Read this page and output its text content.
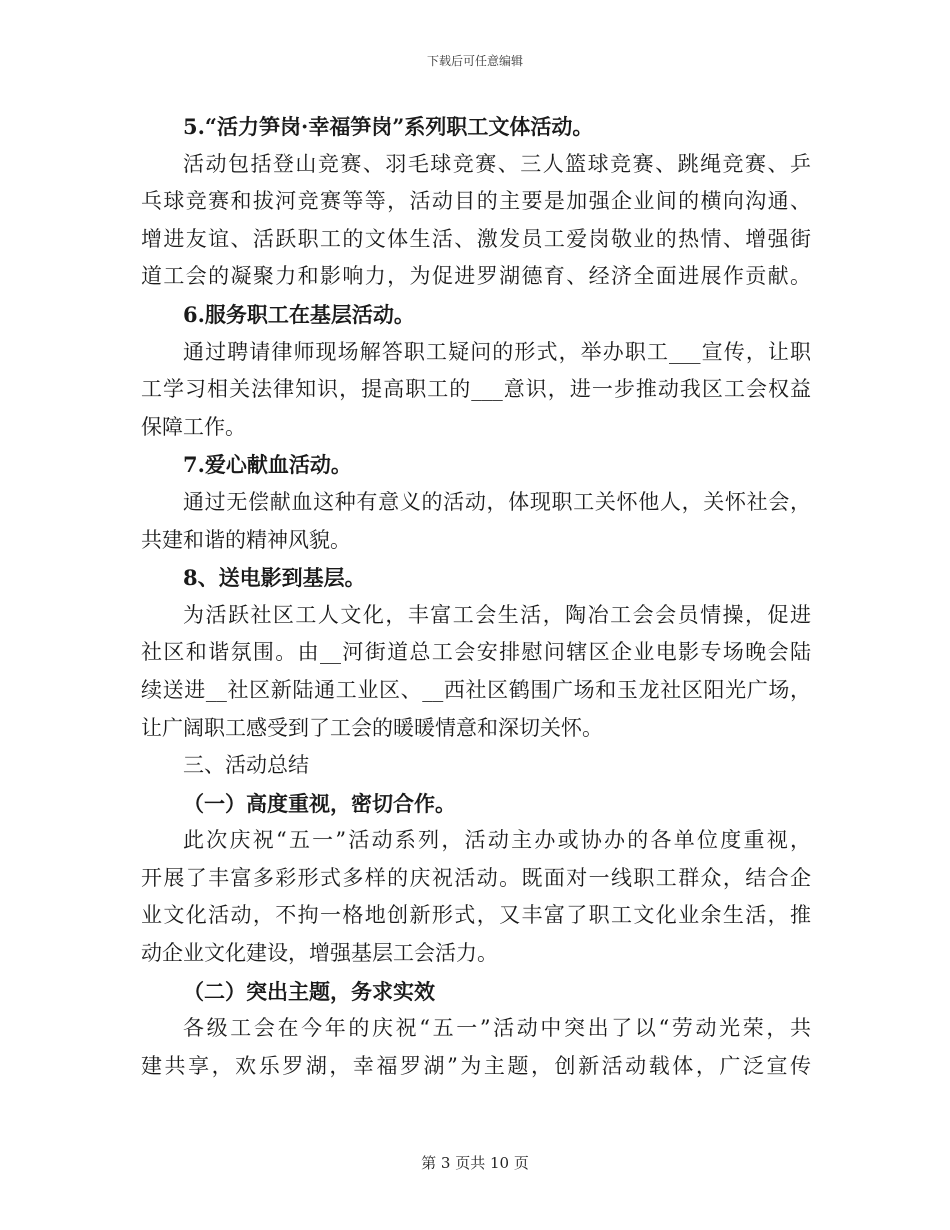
下载后可任意编辑
5.“活力笋岗·幸福笋岗”系列职工文体活动。
活动包括登山竞赛、羽毛球竞赛、三人篮球竞赛、跳绳竞赛、乒
乓球竞赛和拔河竞赛等等，活动目的主要是加强企业间的横向沟通、
增进友谊、活跃职工的文体生活、激发员工爱岗敬业的热情、增强街
道工会的凝聚力和影响力，为促进罗湖德育、经济全面进展作贡献。
6.服务职工在基层活动。
通过聘请律师现场解答职工疑问的形式，举办职工___宣传，让职
工学习相关法律知识，提高职工的___意识，进一步推动我区工会权益
保障工作。
7.爱心献血活动。
通过无偿献血这种有意义的活动，体现职工关怀他人，关怀社会，
共建和谐的精神风貌。
8、送电影到基层。
为活跃社区工人文化，丰富工会生活，陶冶工会会员情操，促进
社区和谐氛围。由__河街道总工会安排慰问辖区企业电影专场晚会陆
续送进__社区新陆通工业区、__西社区鹤围广场和玉龙社区阳光广场，
让广阔职工感受到了工会的暖暖情意和深切关怀。
三、活动总结
（一）高度重视，密切合作。
此次庆祝“五一”活动系列，活动主办或协办的各单位度重视，
开展了丰富多彩形式多样的庆祝活动。既面对一线职工群众，结合企
业文化活动，不拘一格地创新形式，又丰富了职工文化业余生活，推
动企业文化建设，增强基层工会活力。
（二）突出主题，务求实效
各级工会在今年的庆祝“五一”活动中突出了以“劳动光荣，共
建共享，欢乐罗湖，幸福罗湖”为主题，创新活动载体，广泛宣传
第 3 页共 10 页
